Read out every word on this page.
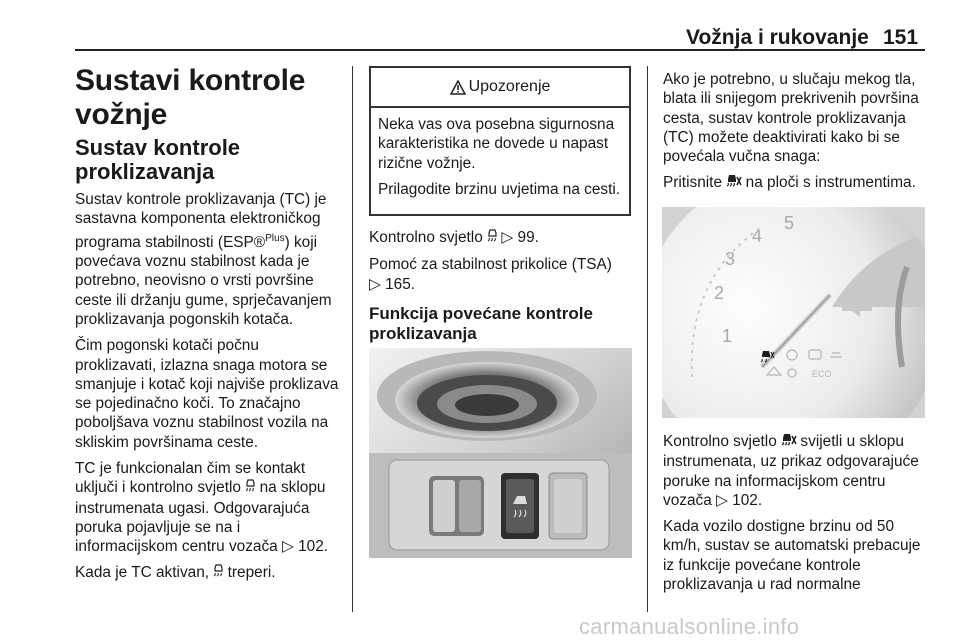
Vožnja i rukovanje 151
Sustavi kontrole vožnje
Sustav kontrole proklizavanja

Sustav kontrole proklizavanja (TC) je sastavna komponenta elektroničkog programa stabilnosti (ESP®$^{Plus}$) koji povećava voznu stabilnost kada je potrebno, neovisno o vrsti površine ceste ili držanju gume, sprječavanjem proklizavanja pogonskih kotača.

Čim pogonski kotači počnu proklizavati, izlazna snaga motora se smanjuje i kotač koji najviše proklizava se pojedinačno koči. To značajno poboljšava voznu stabilnost vozila na skliskim površinama ceste.

TC je funkcionalan čim se kontakt uključi i kontrolno svjetlo na sklopu instrumenata ugasi. Odgovarajuća poruka pojavljuje se na i informacijskom centru vozača ▷ 102.

Kada je TC aktivan, treperi.

Upozorenje

Neka vas ova posebna sigurnosna karakteristika ne dovede u napast rizične vožnje.

Prilagodite brzinu uvjetima na cesti.

Kontrolno svjetlo ▷ 99.

Pomoć za stabilnost prikolice (TSA)
▷ 165.

Funkcija povećane kontrole proklizavanja

Ako je potrebno, u slučaju mekog tla, blata ili snijegom prekrivenih površina cesta, sustav kontrole proklizavanja (TC) možete deaktivirati kako bi se povećala vučna snaga:

Pritisnite na ploči s instrumentima.

1
2
3
4
5
ECO

Kontrolno svjetlo svijetli u sklopu instrumenata, uz prikaz odgovarajuće poruke na informacijskom centru vozača ▷ 102.

Kada vozilo dostigne brzinu od 50 km/h, sustav se automatski prebacuje iz funkcije povećane kontrole proklizavanja u rad normalne

carmanualsonline.info
